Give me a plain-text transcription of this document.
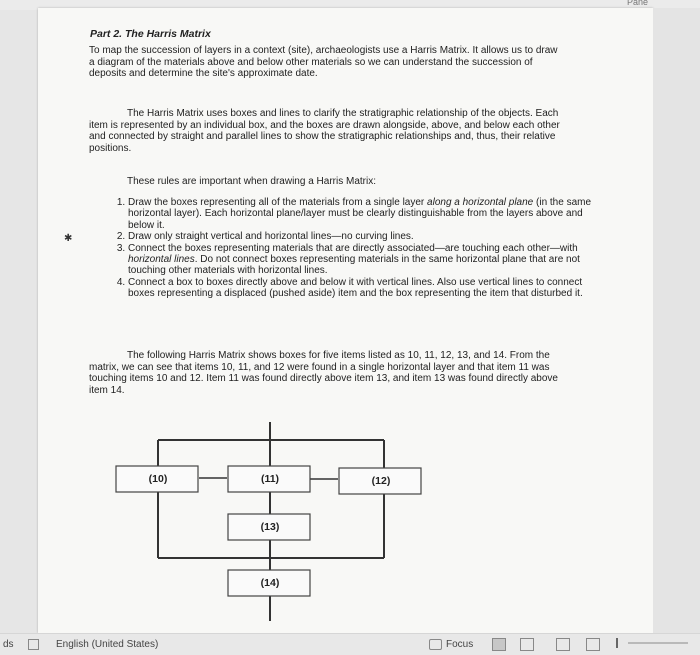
Pane
Part 2. The Harris Matrix
To map the succession of layers in a context (site), archaeologists use a Harris Matrix. It allows us to draw a diagram of the materials above and below other materials so we can understand the succession of deposits and determine the site's approximate date.
The Harris Matrix uses boxes and lines to clarify the stratigraphic relationship of the objects. Each item is represented by an individual box, and the boxes are drawn alongside, above, and below each other and connected by straight and parallel lines to show the stratigraphic relationships and, thus, their relative positions.
These rules are important when drawing a Harris Matrix:
✱
1. Draw the boxes representing all of the materials from a single layer along a horizontal plane (in the same horizontal layer). Each horizontal plane/layer must be clearly distinguishable from the layers above and below it.
2. Draw only straight vertical and horizontal lines—no curving lines.
3. Connect the boxes representing materials that are directly associated—are touching each other—with horizontal lines. Do not connect boxes representing materials in the same horizontal plane that are not touching other materials with horizontal lines.
4. Connect a box to boxes directly above and below it with vertical lines. Also use vertical lines to connect boxes representing a displaced (pushed aside) item and the box representing the item that disturbed it.
The following Harris Matrix shows boxes for five items listed as 10, 11, 12, 13, and 14. From the matrix, we can see that items 10, 11, and 12 were found in a single horizontal layer and that item 11 was touching items 10 and 12. Item 11 was found directly above item 13, and item 13 was found directly above item 14.
(10)	(11)	(12)
(13)
(14)
ds	English (United States)	Focus
